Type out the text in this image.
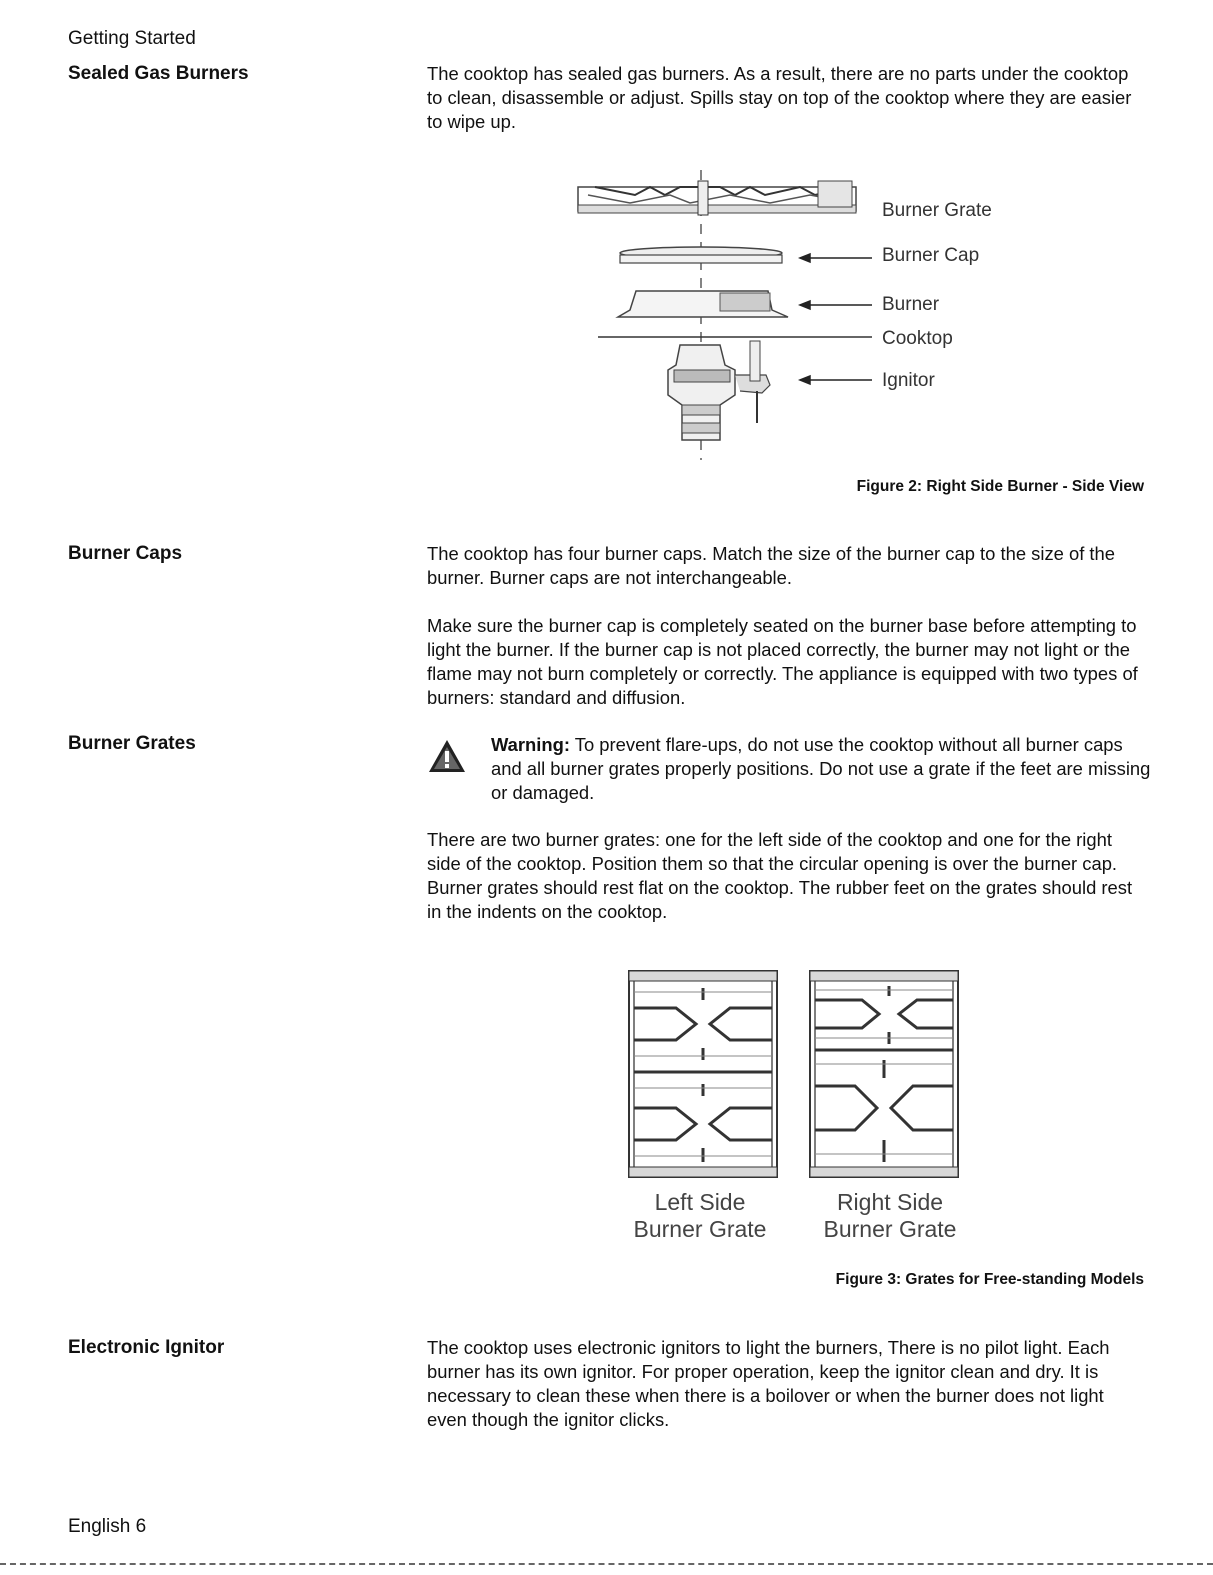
Getting Started
Sealed Gas Burners	The cooktop has sealed gas burners. As a result, there are no parts under the cooktop to clean, disassemble or adjust. Spills stay on top of the cooktop where they are easier to wipe up.

Burner Grate
Burner Cap
Burner
Cooktop
Ignitor
Figure 2: Right Side Burner - Side View
Burner Caps	The cooktop has four burner caps. Match the size of the burner cap to the size of the burner. Burner caps are not interchangeable.

Make sure the burner cap is completely seated on the burner base before attempting to light the burner. If the burner cap is not placed correctly, the burner may not light or the flame may not burn completely or correctly. The appliance is equipped with two types of burners: standard and diffusion.

Burner Grates	Warning: To prevent flare-ups, do not use the cooktop without all burner caps and all burner grates properly positions. Do not use a grate if the feet are missing or damaged.

There are two burner grates: one for the left side of the cooktop and one for the right side of the cooktop. Position them so that the circular opening is over the burner cap. Burner grates should rest flat on the cooktop. The rubber feet on the grates should rest in the indents on the cooktop.

Left Side
Burner Grate
Right Side
Burner Grate
Figure 3: Grates for Free-standing Models
Electronic Ignitor	The cooktop uses electronic ignitors to light the burners, There is no pilot light. Each burner has its own ignitor. For proper operation, keep the ignitor clean and dry. It is necessary to clean these when there is a boilover or when the burner does not light even though the ignitor clicks.

English 6
